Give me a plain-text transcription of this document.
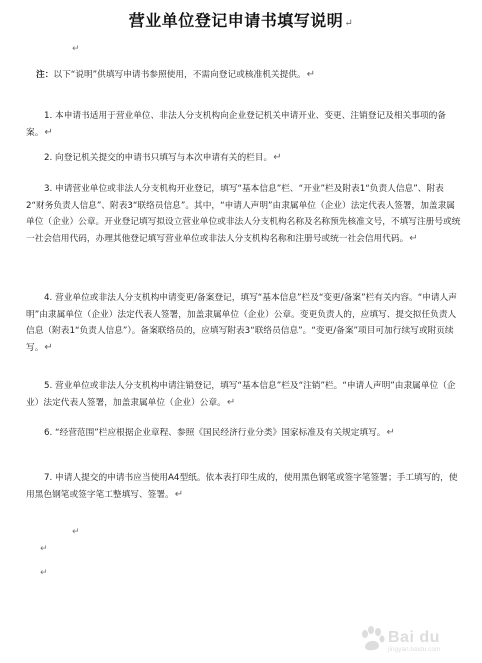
营业单位登记申请书填写说明↵
↵
注：以下“说明”供填写申请书参照使用，不需向登记或核准机关提供。↵
1. 本申请书适用于营业单位、非法人分支机构向企业登记机关申请开业、变更、注销登记及相关事项的备案。↵
2. 向登记机关提交的申请书只填写与本次申请有关的栏目。↵
3. 申请营业单位或非法人分支机构开业登记，填写“基本信息”栏、“开业”栏及附表1“负责人信息”、附表2“财务负责人信息”、附表3“联络员信息”。其中，“申请人声明”由隶属单位（企业）法定代表人签署，加盖隶属单位（企业）公章。开业登记填写拟设立营业单位或非法人分支机构名称及名称预先核准文号，不填写注册号或统一社会信用代码，办理其他登记填写营业单位或非法人分支机构名称和注册号或统一社会信用代码。↵
4. 营业单位或非法人分支机构申请变更/备案登记，填写“基本信息”栏及“变更/备案”栏有关内容。“申请人声明”由隶属单位（企业）法定代表人签署，加盖隶属单位（企业）公章。变更负责人的，应填写、提交拟任负责人信息（附表1“负责人信息”）。备案联络员的，应填写附表3“联络员信息”。“变更/备案”项目可加行续写或附页续写。↵
5. 营业单位或非法人分支机构申请注销登记，填写“基本信息”栏及“注销”栏。“申请人声明”由隶属单位（企业）法定代表人签署，加盖隶属单位（企业）公章。↵
6. “经营范围”栏应根据企业章程、参照《国民经济行业分类》国家标准及有关规定填写。↵
7. 申请人提交的申请书应当使用A4型纸。依本表打印生成的，使用黑色钢笔或签字笔签署；手工填写的，使用黑色钢笔或签字笔工整填写、签署。↵
↵
↵
↵
Bai du
jingyan.baidu.com
